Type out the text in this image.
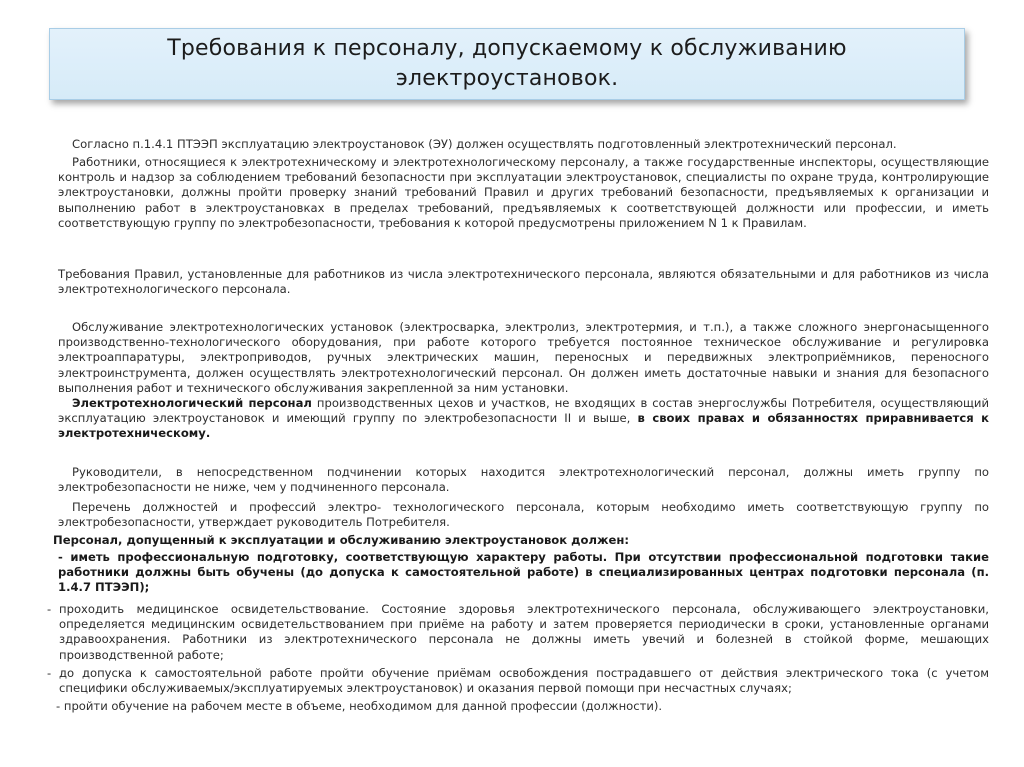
Требования к персоналу, допускаемому к обслуживанию
электроустановок.
Согласно п.1.4.1 ПТЭЭП эксплуатацию электроустановок (ЭУ) должен осуществлять подготовленный электротехнический персонал.
Работники, относящиеся к электротехническому и электротехнологическому персоналу, а также государственные инспекторы, осуществляющие контроль и надзор за соблюдением требований безопасности при эксплуатации электроустановок, специалисты по охране труда, контролирующие электроустановки, должны пройти проверку знаний требований Правил и других требований безопасности, предъявляемых к организации и выполнению работ в электроустановках в пределах требований, предъявляемых к соответствующей должности или профессии, и иметь соответствующую группу по электробезопасности, требования к которой предусмотрены приложением N 1 к Правилам.
Требования Правил, установленные для работников из числа электротехнического персонала, являются обязательными и для работников из числа электротехнологического персонала.
Обслуживание электротехнологических установок (электросварка, электролиз, электротермия, и т.п.), а также сложного энергонасыщенного производственно-технологического оборудования, при работе которого требуется постоянное техническое обслуживание и регулировка электроаппаратуры, электроприводов, ручных электрических машин, переносных и передвижных электроприёмников, переносного электроинструмента, должен осуществлять электротехнологический персонал. Он должен иметь достаточные навыки и знания для безопасного выполнения работ и технического обслуживания закрепленной за ним установки.
Электротехнологический персонал производственных цехов и участков, не входящих в состав энергослужбы Потребителя, осуществляющий эксплуатацию электроустановок и имеющий группу по электробезопасности II и выше, в своих правах и обязанностях приравнивается к электротехническому.
Руководители, в непосредственном подчинении которых находится электротехнологический персонал, должны иметь группу по электробезопасности не ниже, чем у подчиненного персонала.
Перечень должностей и профессий электро- технологического персонала, которым необходимо иметь соответствующую группу по электробезопасности, утверждает руководитель Потребителя.
Персонал, допущенный к эксплуатации и обслуживанию электроустановок должен:
- иметь профессиональную подготовку, соответствующую характеру работы. При отсутствии профессиональной подготовки такие работники должны быть обучены (до допуска к самостоятельной работе) в специализированных центрах подготовки персонала (п. 1.4.7 ПТЭЭП);
- проходить медицинское освидетельствование. Состояние здоровья электротехнического персонала, обслуживающего электроустановки, определяется медицинским освидетельствованием при приёме на работу и затем проверяется периодически в сроки, установленные органами здравоохранения. Работники из электротехнического персонала не должны иметь увечий и болезней в стойкой форме, мешающих производственной работе;
- до допуска к самостоятельной работе пройти обучение приёмам освобождения пострадавшего от действия электрического тока (с учетом специфики обслуживаемых/эксплуатируемых электроустановок) и оказания первой помощи при несчастных случаях;
- пройти обучение на рабочем месте в объеме, необходимом для данной профессии (должности).
